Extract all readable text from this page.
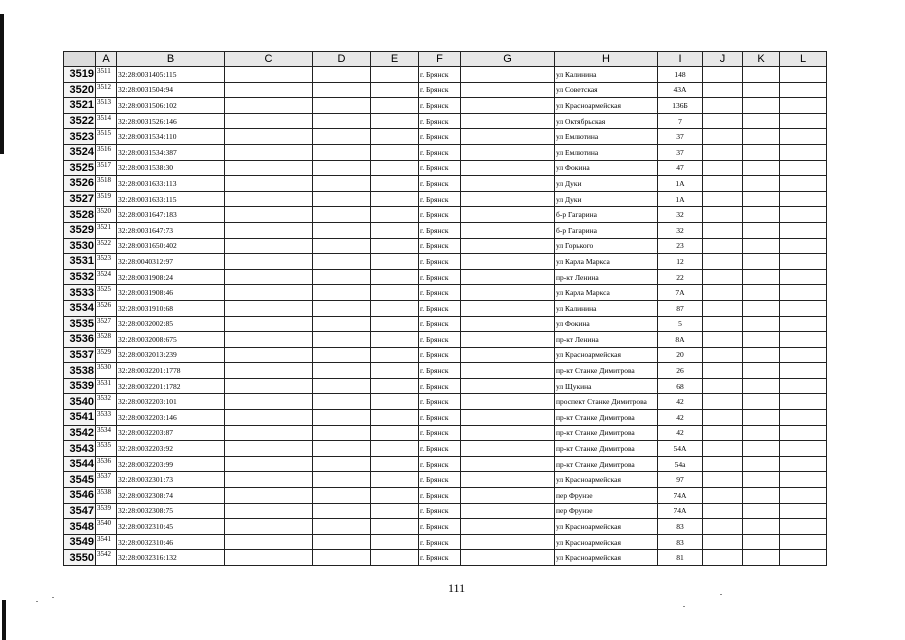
	A	B	C	D	E	F	G	H	I	J	K	L
3519	3511	32:28:0031405:115				г. Брянск		ул Калинина	148			
3520	3512	32:28:0031504:94				г. Брянск		ул Советская	43А			
3521	3513	32:28:0031506:102				г. Брянск		ул Красноармейская	136Б			
3522	3514	32:28:0031526:146				г. Брянск		ул Октябрьская	7			
3523	3515	32:28:0031534:110				г. Брянск		ул Емлютина	37			
3524	3516	32:28:0031534:387				г. Брянск		ул Емлютина	37			
3525	3517	32:28:0031538:30				г. Брянск		ул Фокина	47			
3526	3518	32:28:0031633:113				г. Брянск		ул Дуки	1А			
3527	3519	32:28:0031633:115				г. Брянск		ул Дуки	1А			
3528	3520	32:28:0031647:183				г. Брянск		б-р Гагарина	32			
3529	3521	32:28:0031647:73				г. Брянск		б-р Гагарина	32			
3530	3522	32:28:0031650:402				г. Брянск		ул Горького	23			
3531	3523	32:28:0040312:97				г. Брянск		ул Карла Маркса	12			
3532	3524	32:28:0031908:24				г. Брянск		пр-кт Ленина	22			
3533	3525	32:28:0031908:46				г. Брянск		ул Карла Маркса	7А			
3534	3526	32:28:0031910:68				г. Брянск		ул Калинина	87			
3535	3527	32:28:0032002:85				г. Брянск		ул Фокина	5			
3536	3528	32:28:0032008:675				г. Брянск		пр-кт Ленина	8А			
3537	3529	32:28:0032013:239				г. Брянск		ул Красноармейская	20			
3538	3530	32:28:0032201:1778				г. Брянск		пр-кт Станке Димитрова	26			
3539	3531	32:28:0032201:1782				г. Брянск		ул Щукина	68			
3540	3532	32:28:0032203:101				г. Брянск		проспект Станке Димитрова	42			
3541	3533	32:28:0032203:146				г. Брянск		пр-кт Станке Димитрова	42			
3542	3534	32:28:0032203:87				г. Брянск		пр-кт Станке Димитрова	42			
3543	3535	32:28:0032203:92				г. Брянск		пр-кт Станке Димитрова	54А			
3544	3536	32:28:0032203:99				г. Брянск		пр-кт Станке Димитрова	54а			
3545	3537	32:28:0032301:73				г. Брянск		ул Красноармейская	97			
3546	3538	32:28:0032308:74				г. Брянск		пер Фрунзе	74А			
3547	3539	32:28:0032308:75				г. Брянск		пер Фрунзе	74А			
3548	3540	32:28:0032310:45				г. Брянск		ул Красноармейская	83			
3549	3541	32:28:0032310:46				г. Брянск		ул Красноармейская	83			
3550	3542	32:28:0032316:132				г. Брянск		ул Красноармейская	81			
111
